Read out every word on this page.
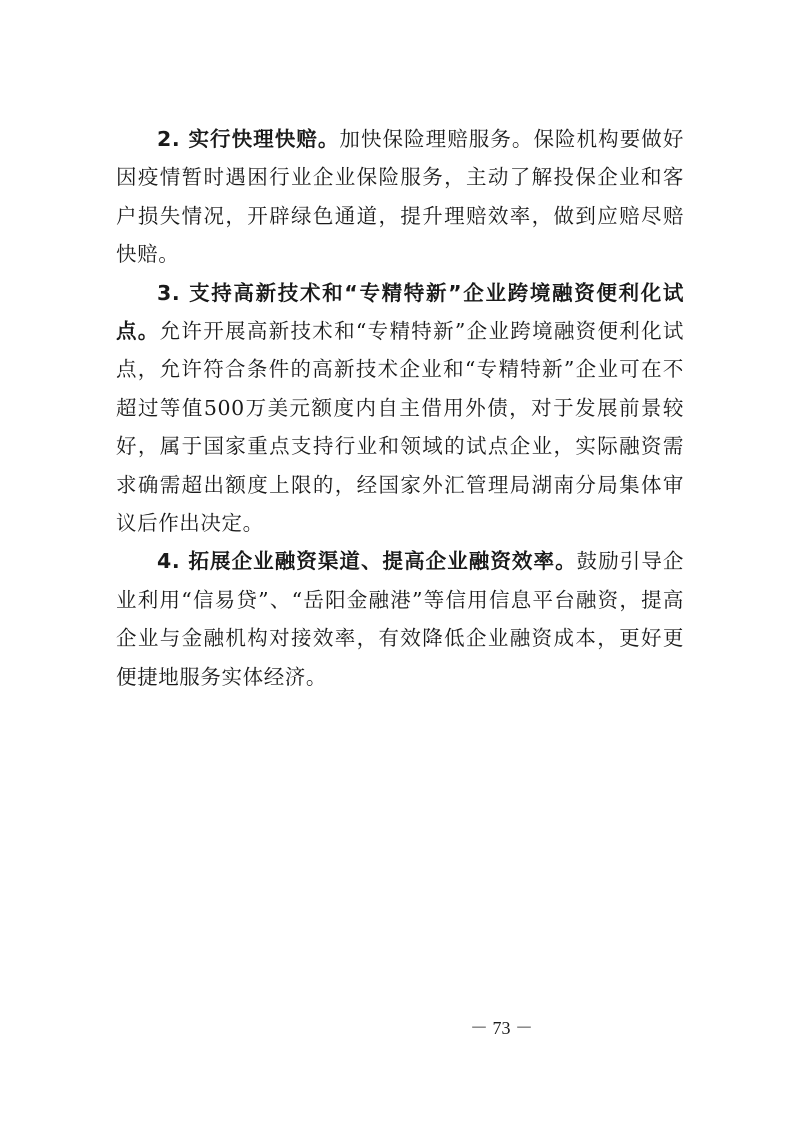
2. 实行快理快赔。加快保险理赔服务。保险机构要做好因疫情暂时遇困行业企业保险服务，主动了解投保企业和客户损失情况，开辟绿色通道，提升理赔效率，做到应赔尽赔快赔。

3. 支持高新技术和“专精特新”企业跨境融资便利化试点。允许开展高新技术和“专精特新”企业跨境融资便利化试点，允许符合条件的高新技术企业和“专精特新”企业可在不超过等值500万美元额度内自主借用外债，对于发展前景较好，属于国家重点支持行业和领域的试点企业，实际融资需求确需超出额度上限的，经国家外汇管理局湖南分局集体审议后作出决定。

4. 拓展企业融资渠道、提高企业融资效率。鼓励引导企业利用“信易贷”、“岳阳金融港”等信用信息平台融资，提高企业与金融机构对接效率，有效降低企业融资成本，更好更便捷地服务实体经济。

－ 73 －
